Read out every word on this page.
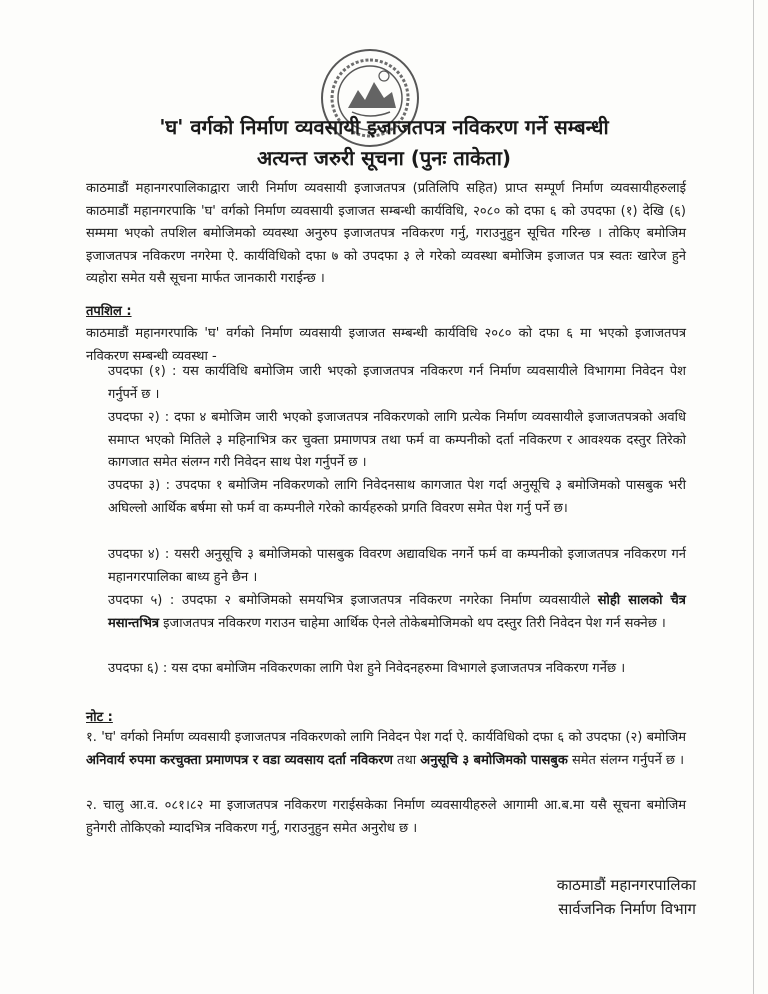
'घ' वर्गको निर्माण व्यवसायी इजाजतपत्र नविकरण गर्ने सम्बन्धी
अत्यन्त जरुरी सूचना (पुनः ताकेता)
काठमाडौं महानगरपालिकाद्वारा जारी निर्माण व्यवसायी इजाजतपत्र (प्रतिलिपि सहित) प्राप्त सम्पूर्ण निर्माण व्यवसायीहरुलाई काठमाडौं महानगरपाकि 'घ' वर्गको निर्माण व्यवसायी इजाजत सम्बन्धी कार्यविधि, २०८० को दफा ६ को उपदफा (१) देखि (६) सम्ममा भएको तपशिल बमोजिमको व्यवस्था अनुरुप इजाजतपत्र नविकरण गर्नु, गराउनुहुन सूचित गरिन्छ । तोकिए बमोजिम इजाजतपत्र नविकरण नगरेमा ऐ. कार्यविधिको दफा ७ को उपदफा ३ ले गरेको व्यवस्था बमोजिम इजाजत पत्र स्वतः खारेज हुने व्यहोरा समेत यसै सूचना मार्फत जानकारी गराईन्छ ।
तपशिल :
काठमाडौं महानगरपाकि 'घ' वर्गको निर्माण व्यवसायी इजाजत सम्बन्धी कार्यविधि २०८० को दफा ६ मा भएको इजाजतपत्र नविकरण सम्बन्धी व्यवस्था -
उपदफा (१) : यस कार्यविधि बमोजिम जारी भएको इजाजतपत्र नविकरण गर्न निर्माण व्यवसायीले विभागमा निवेदन पेश गर्नुपर्ने छ ।
उपदफा २) : दफा ४ बमोजिम जारी भएको इजाजतपत्र नविकरणको लागि प्रत्येक निर्माण व्यवसायीले इजाजतपत्रको अवधि समाप्त भएको मितिले ३ महिनाभित्र कर चुक्ता प्रमाणपत्र तथा फर्म वा कम्पनीको दर्ता नविकरण र आवश्यक दस्तुर तिरेको कागजात समेत संलग्न गरी निवेदन साथ पेश गर्नुपर्ने छ ।
उपदफा ३) : उपदफा १ बमोजिम नविकरणको लागि निवेदनसाथ कागजात पेश गर्दा अनुसूचि ३ बमोजिमको पासबुक भरी अघिल्लो आर्थिक बर्षमा सो फर्म वा कम्पनीले गरेको कार्यहरुको प्रगति विवरण समेत पेश गर्नु पर्ने छ।
उपदफा ४) : यसरी अनुसूचि ३ बमोजिमको पासबुक विवरण अद्यावधिक नगर्ने फर्म वा कम्पनीको इजाजतपत्र नविकरण गर्न महानगरपालिका बाध्य हुने छैन ।
उपदफा ५) : उपदफा २ बमोजिमको समयभित्र इजाजतपत्र नविकरण नगरेका निर्माण व्यवसायीले सोही सालको चैत्र मसान्तभित्र इजाजतपत्र नविकरण गराउन चाहेमा आर्थिक ऐनले तोकेबमोजिमको थप दस्तुर तिरी निवेदन पेश गर्न सक्नेछ ।
उपदफा ६) : यस दफा बमोजिम नविकरणका लागि पेश हुने निवेदनहरुमा विभागले इजाजतपत्र नविकरण गर्नेछ ।
नोट :
१. 'घ' वर्गको निर्माण व्यवसायी इजाजतपत्र नविकरणको लागि निवेदन पेश गर्दा ऐ. कार्यविधिको दफा ६ को उपदफा (२) बमोजिम अनिवार्य रुपमा करचुक्ता प्रमाणपत्र र वडा व्यवसाय दर्ता नविकरण तथा अनुसूचि ३ बमोजिमको पासबुक समेत संलग्न गर्नुपर्ने छ ।
२. चालु आ.व. ०८१।८२ मा इजाजतपत्र नविकरण गराईसकेका निर्माण व्यवसायीहरुले आगामी आ.ब.मा यसै सूचना बमोजिम हुनेगरी तोकिएको म्यादभित्र नविकरण गर्नु, गराउनुहुन समेत अनुरोध छ ।
काठमाडौं महानगरपालिका
सार्वजनिक निर्माण विभाग
